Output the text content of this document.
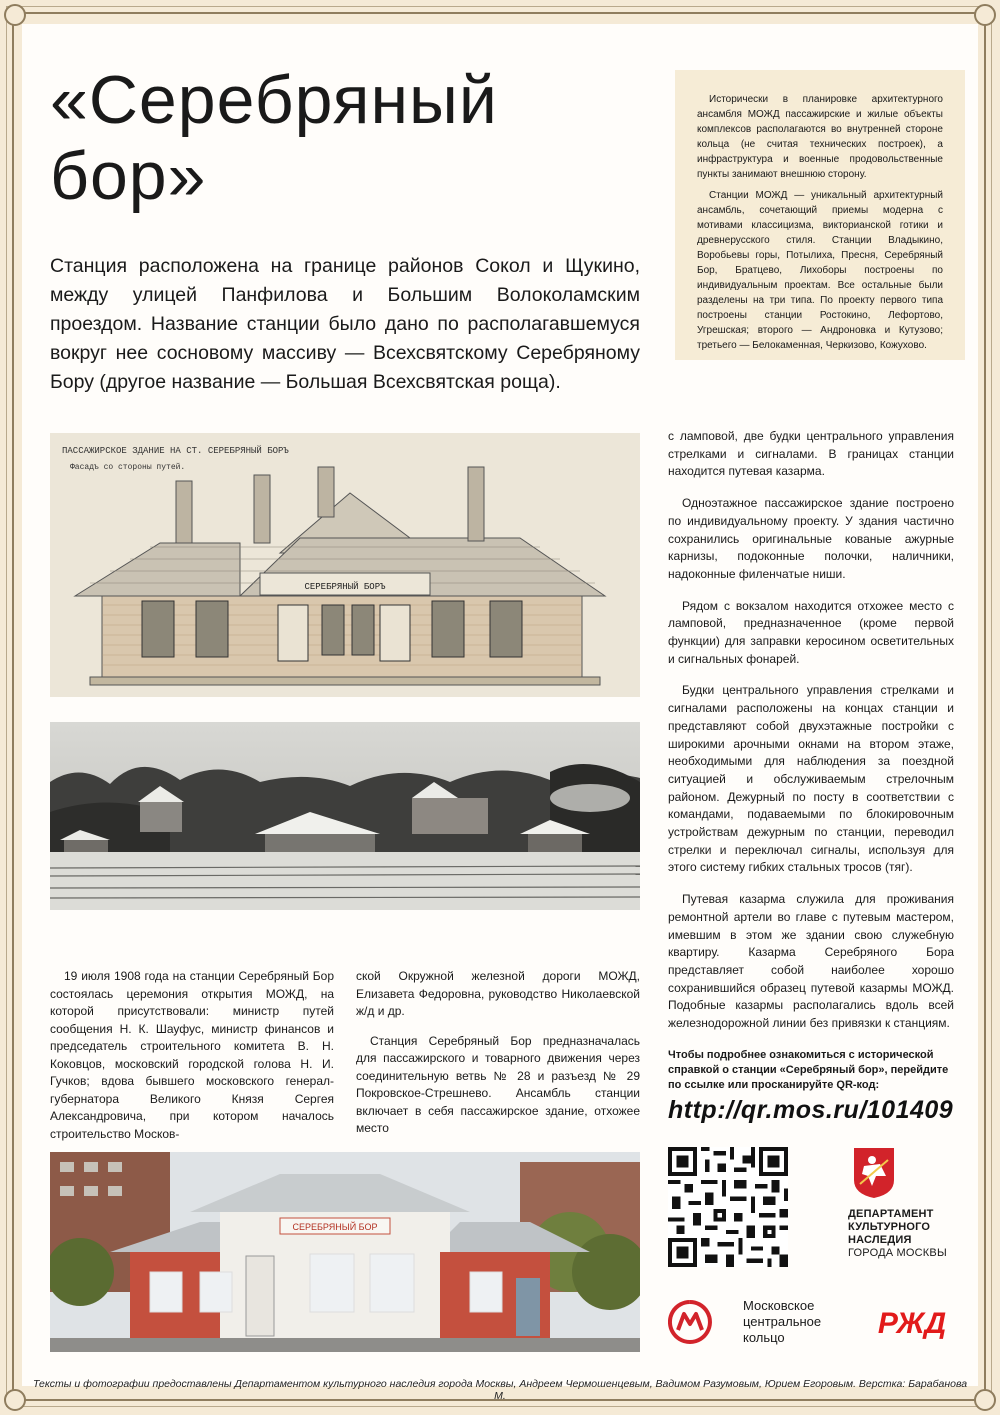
«Серебряный
бор»

Станция расположена на границе районов Сокол и Щукино, между улицей Панфилова и Большим Волоколамским проездом. Название станции было дано по располагавшемуся вокруг нее сосновому массиву — Всехсвятскому Серебряному Бору (другое название — Большая Всехсвятская роща).

Исторически в планировке архитектурного ансамбля МОЖД пассажирские и жилые объекты комплексов располагаются во внутренней стороне кольца (не считая технических построек), а инфраструктура и военные продовольственные пункты занимают внешнюю сторону.

Станции МОЖД — уникальный архитектурный ансамбль, сочетающий приемы модерна с мотивами классицизма, викторианской готики и древнерусского стиля. Станции Владыкино, Воробьевы горы, Потылиха, Пресня, Серебряный Бор, Братцево, Лихоборы построены по индивидуальным проектам. Все остальные были разделены на три типа. По проекту первого типа построены станции Ростокино, Лефортово, Угрешская; второго — Андроновка и Кутузово; третьего — Белокаменная, Черкизово, Кожухово.

ПАССАЖИРСКОЕ ЗДАНИЕ НА СТ. СЕРЕБРЯНЫЙ БОРЪ
Фасадъ со стороны путей.
СЕРЕБРЯНЫЙ БОРЪ
СЕРЕБРЯНЫЙ БОР

с ламповой, две будки центрального управления стрелками и сигналами. В границах станции находится путевая казарма.

Одноэтажное пассажирское здание построено по индивидуальному проекту. У здания частично сохранились оригинальные кованые ажурные карнизы, подоконные полочки, наличники, надоконные филенчатые ниши.

Рядом с вокзалом находится отхожее место с ламповой, предназначенное (кроме первой функции) для заправки керосином осветительных и сигнальных фонарей.

Будки центрального управления стрелками и сигналами расположены на концах станции и представляют собой двухэтажные постройки с широкими арочными окнами на втором этаже, необходимыми для наблюдения за поездной ситуацией и обслуживаемым стрелочным районом. Дежурный по посту в соответствии с командами, подаваемыми по блокировочным устройствам дежурным по станции, переводил стрелки и переключал сигналы, используя для этого систему гибких стальных тросов (тяг).

Путевая казарма служила для проживания ремонтной артели во главе с путевым мастером, имевшим в этом же здании свою служебную квартиру. Казарма Серебряного Бора представляет собой наиболее хорошо сохранившийся образец путевой казармы МОЖД. Подобные казармы располагались вдоль всей железнодорожной линии без привязки к станциям.

19 июля 1908 года на станции Серебряный Бор состоялась церемония открытия МОЖД, на которой присутствовали: министр путей сообщения Н. К. Шауфус, министр финансов и председатель строительного комитета В. Н. Коковцов, московский городской голова Н. И. Гучков; вдова бывшего московского генерал-губернатора Великого Князя Сергея Александровича, при котором началось строительство Москов-

ской Окружной железной дороги МОЖД, Елизавета Федоровна, руководство Николаевской ж/д и др.

Станция Серебряный Бор предназначалась для пассажирского и товарного движения через соединительную ветвь № 28 и разъезд № 29 Покровское-Стрешнево. Ансамбль станции включает в себя пассажирское здание, отхожее место

Чтобы подробнее ознакомиться с исторической справкой о станции «Серебряный бор», перейдите по ссылке или просканируйте QR-код:

http://qr.mos.ru/101409
ДЕПАРТАМЕНТ
КУЛЬТУРНОГО
НАСЛЕДИЯ
ГОРОДА МОСКВЫ
Московское
центральное
кольцо	РЖД

Тексты и фотографии предоставлены Департаментом культурного наследия города Москвы, Андреем Чермошенцевым, Вадимом Разумовым, Юрием Егоровым. Верстка: Барабанова М.
